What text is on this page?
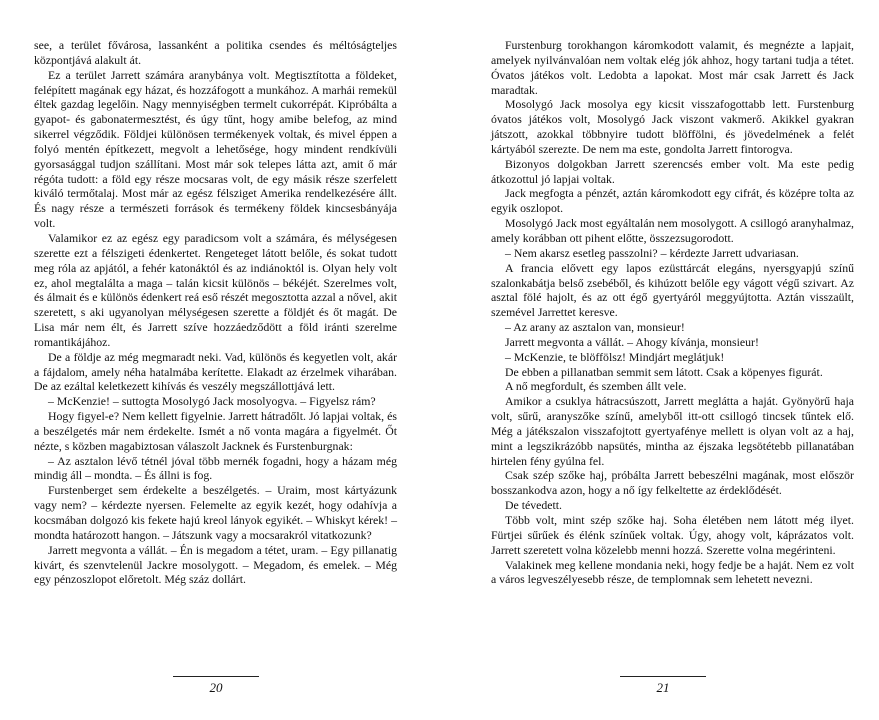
see, a terület fővárosa, lassanként a politika csendes és méltóságteljes központjává alakult át.

Ez a terület Jarrett számára aranybánya volt. Megtisztította a földeket, felépített magának egy házat, és hozzáfogott a munkához. A marhái remekül éltek gazdag legelőin. Nagy mennyiségben termelt cukorrépát. Kipróbálta a gyapot- és gabonatermesztést, és úgy tűnt, hogy amibe belefog, az mind sikerrel végződik. Földjei különösen termékenyek voltak, és mivel éppen a folyó mentén építkezett, megvolt a lehetősége, hogy mindent rendkívüli gyorsasággal tudjon szállítani. Most már sok telepes látta azt, amit ő már régóta tudott: a föld egy része mocsaras volt, de egy másik része szerfelett kiváló termőtalaj. Most már az egész félsziget Amerika rendelkezésére állt. És nagy része a természeti források és termékeny földek kincsesbányája volt.

Valamikor ez az egész egy paradicsom volt a számára, és mélységesen szerette ezt a félszigeti édenkertet. Rengeteget látott belőle, és sokat tudott meg róla az apjától, a fehér katonáktól és az indiánoktól is. Olyan hely volt ez, ahol megtalálta a maga – talán kicsit különös – békéjét. Szerelmes volt, és álmait és e különös édenkert reá eső részét megosztotta azzal a nővel, akit szeretett, s aki ugyanolyan mélységesen szerette a földjét és őt magát. De Lisa már nem élt, és Jarrett szíve hozzáedződött a föld iránti szerelme romantikájához.

De a földje az még megmaradt neki. Vad, különös és kegyetlen volt, akár a fájdalom, amely néha hatalmába kerítette. Elakadt az érzelmek viharában. De az ezáltal keletkezett kihívás és veszély megszállottjává lett.

– McKenzie! – suttogta Mosolygó Jack mosolyogva. – Figyelsz rám?

Hogy figyel-e? Nem kellett figyelnie. Jarrett hátradőlt. Jó lapjai voltak, és a beszélgetés már nem érdekelte. Ismét a nő vonta magára a figyelmét. Őt nézte, s közben magabiztosan válaszolt Jacknek és Furstenburgnak:

– Az asztalon lévő tétnél jóval több mernék fogadni, hogy a házam még mindig áll – mondta. – És állni is fog.

Furstenberget sem érdekelte a beszélgetés. – Uraim, most kártyázunk vagy nem? – kérdezte nyersen. Felemelte az egyik kezét, hogy odahívja a kocsmában dolgozó kis fekete hajú kreol lányok egyikét. – Whiskyt kérek! – mondta határozott hangon. – Játszunk vagy a mocsarakról vitatkozunk?

Jarrett megvonta a vállát. – Én is megadom a tétet, uram. – Egy pillanatig kivárt, és szenvtelenül Jackre mosolygott. – Megadom, és emelek. – Még egy pénzoszlopot előretolt. Még száz dollárt.

20

Furstenburg torokhangon káromkodott valamit, és megnézte a lapjait, amelyek nyilvánvalóan nem voltak elég jók ahhoz, hogy tartani tudja a tétet. Óvatos játékos volt. Ledobta a lapokat. Most már csak Jarrett és Jack maradtak.

Mosolygó Jack mosolya egy kicsit visszafogottabb lett. Furstenburg óvatos játékos volt, Mosolygó Jack viszont vakmerő. Akikkel gyakran játszott, azokkal többnyire tudott blöffölni, és jövedelmének a felét kártyából szerezte. De nem ma este, gondolta Jarrett fintorogva.

Bizonyos dolgokban Jarrett szerencsés ember volt. Ma este pedig átkozottul jó lapjai voltak.

Jack megfogta a pénzét, aztán káromkodott egy cifrát, és középre tolta az egyik oszlopot.

Mosolygó Jack most egyáltalán nem mosolygott. A csillogó aranyhalmaz, amely korábban ott pihent előtte, összezsugorodott.

– Nem akarsz esetleg passzolni? – kérdezte Jarrett udvariasan.

A francia elővett egy lapos ezüsttárcát elegáns, nyersgyapjú színű szalonkabátja belső zsebéből, és kihúzott belőle egy vágott végű szivart. Az asztal fölé hajolt, és az ott égő gyertyáról meggyújtotta. Aztán visszaült, szemével Jarrettet keresve.

– Az arany az asztalon van, monsieur!

Jarrett megvonta a vállát. – Ahogy kívánja, monsieur!

– McKenzie, te blöffölsz! Mindjárt meglátjuk!

De ebben a pillanatban semmit sem látott. Csak a köpenyes figurát.

A nő megfordult, és szemben állt vele.

Amikor a csuklya hátracsúszott, Jarrett meglátta a haját. Gyönyörű haja volt, sűrű, aranyszőke színű, amelyből itt-ott csillogó tincsek tűntek elő. Még a játékszalon visszafojtott gyertyafénye mellett is olyan volt az a haj, mint a legszikrázóbb napsütés, mintha az éjszaka legsötétebb pillanatában hirtelen fény gyúlna fel.

Csak szép szőke haj, próbálta Jarrett bebeszélni magának, most először bosszankodva azon, hogy a nő így felkeltette az érdeklődését.

De tévedett.

Több volt, mint szép szőke haj. Soha életében nem látott még ilyet. Fürtjei sűrűek és élénk színűek voltak. Úgy, ahogy volt, káprázatos volt. Jarrett szeretett volna közelebb menni hozzá. Szerette volna megérinteni.

Valakinek meg kellene mondania neki, hogy fedje be a haját. Nem ez volt a város legveszélyesebb része, de templomnak sem lehetett nevezni.

21
